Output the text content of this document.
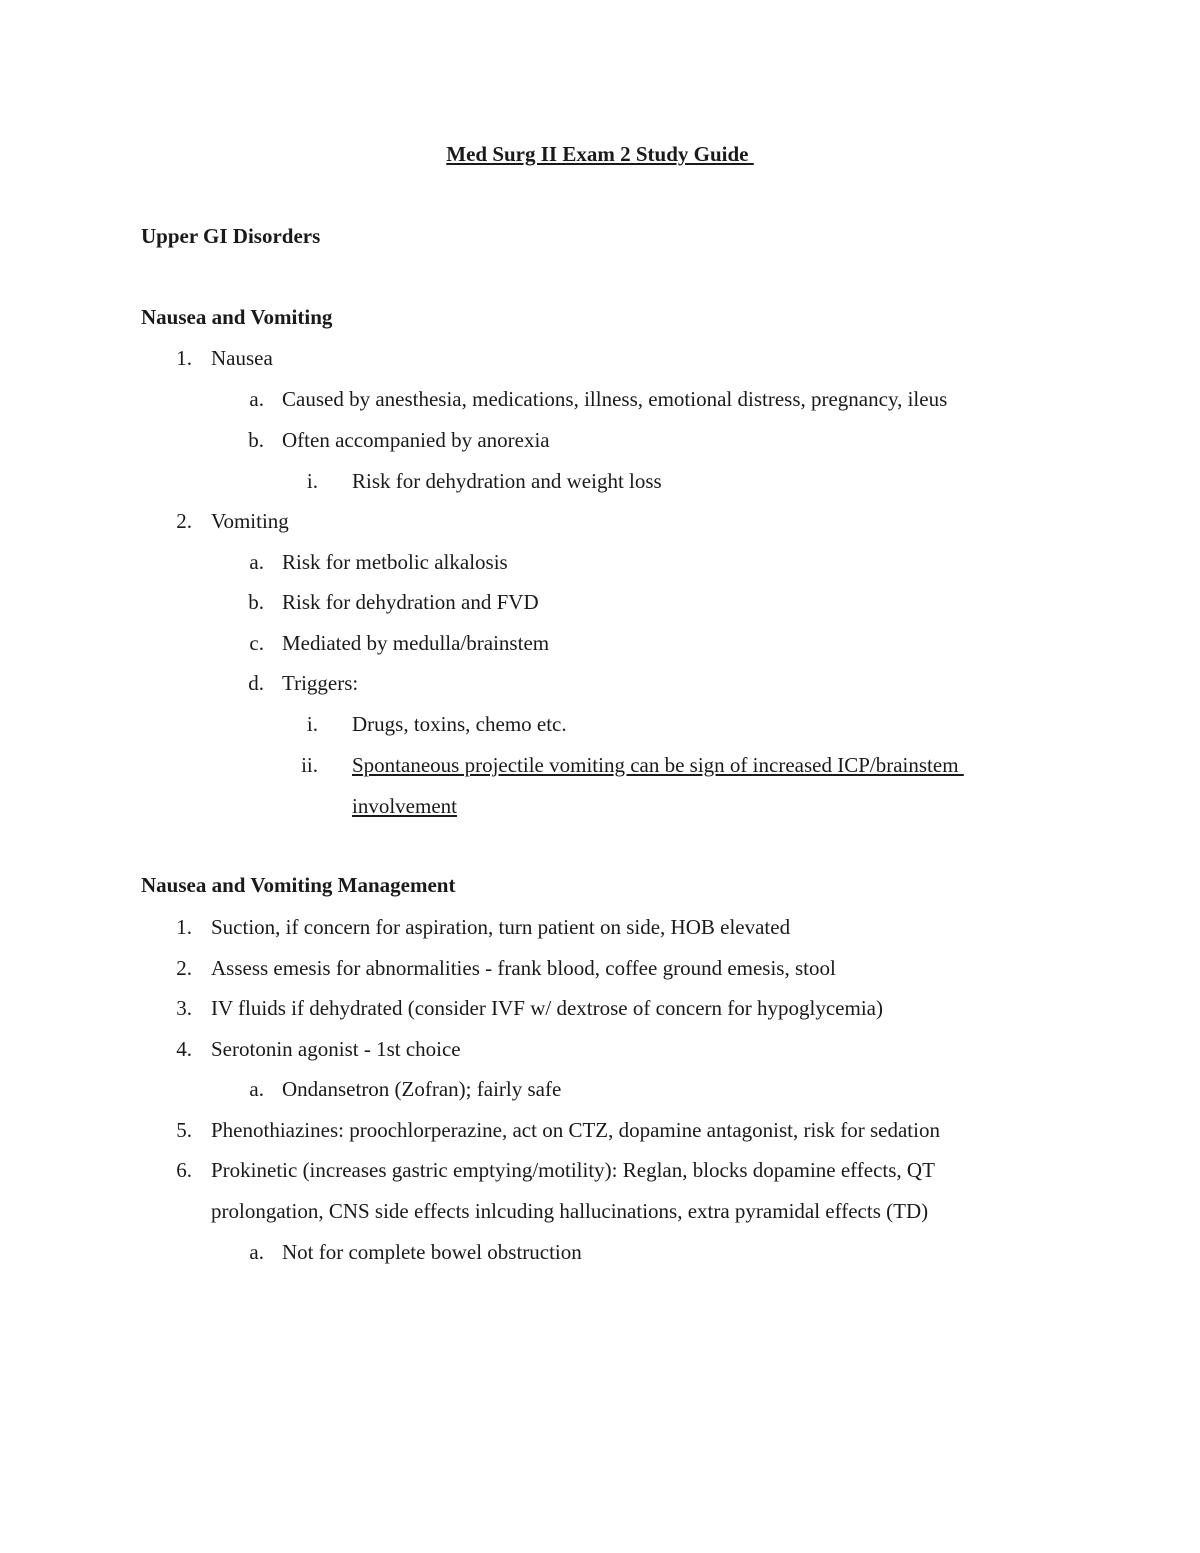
Med Surg II Exam 2 Study Guide
Upper GI Disorders
Nausea and Vomiting
1. Nausea
a. Caused by anesthesia, medications, illness, emotional distress, pregnancy, ileus
b. Often accompanied by anorexia
i. Risk for dehydration and weight loss
2. Vomiting
a. Risk for metbolic alkalosis
b. Risk for dehydration and FVD
c. Mediated by medulla/brainstem
d. Triggers:
i. Drugs, toxins, chemo etc.
ii. Spontaneous projectile vomiting can be sign of increased ICP/brainstem
involvement
Nausea and Vomiting Management
1. Suction, if concern for aspiration, turn patient on side, HOB elevated
2. Assess emesis for abnormalities - frank blood, coffee ground emesis, stool
3. IV fluids if dehydrated (consider IVF w/ dextrose of concern for hypoglycemia)
4. Serotonin agonist - 1st choice
a. Ondansetron (Zofran); fairly safe
5. Phenothiazines: proochlorperazine, act on CTZ, dopamine antagonist, risk for sedation
6. Prokinetic (increases gastric emptying/motility): Reglan, blocks dopamine effects, QT
prolongation, CNS side effects inlcuding hallucinations, extra pyramidal effects (TD)
a. Not for complete bowel obstruction
